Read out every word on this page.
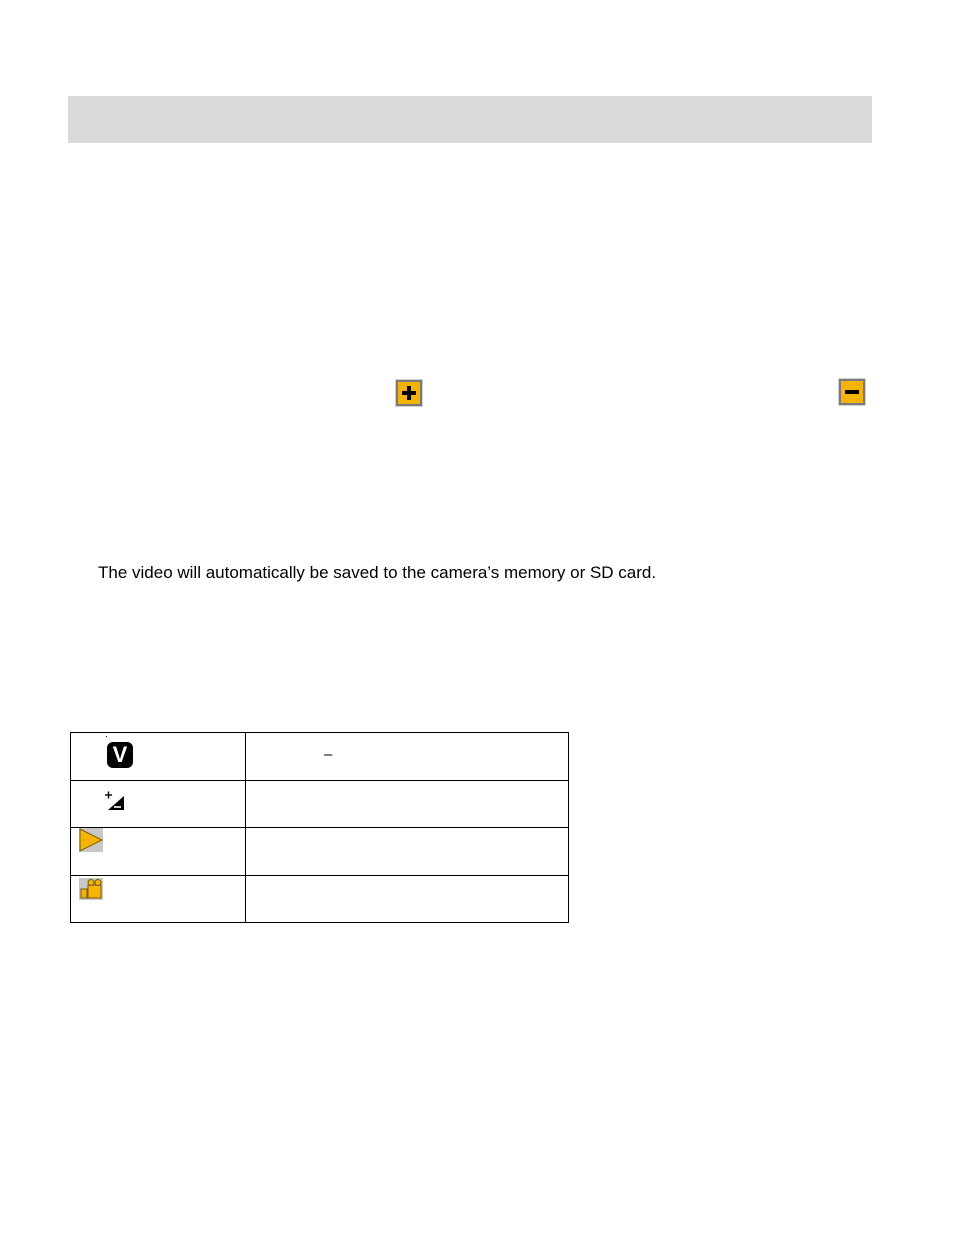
The video will automatically be saved to the camera’s memory or SD card.
V	–
